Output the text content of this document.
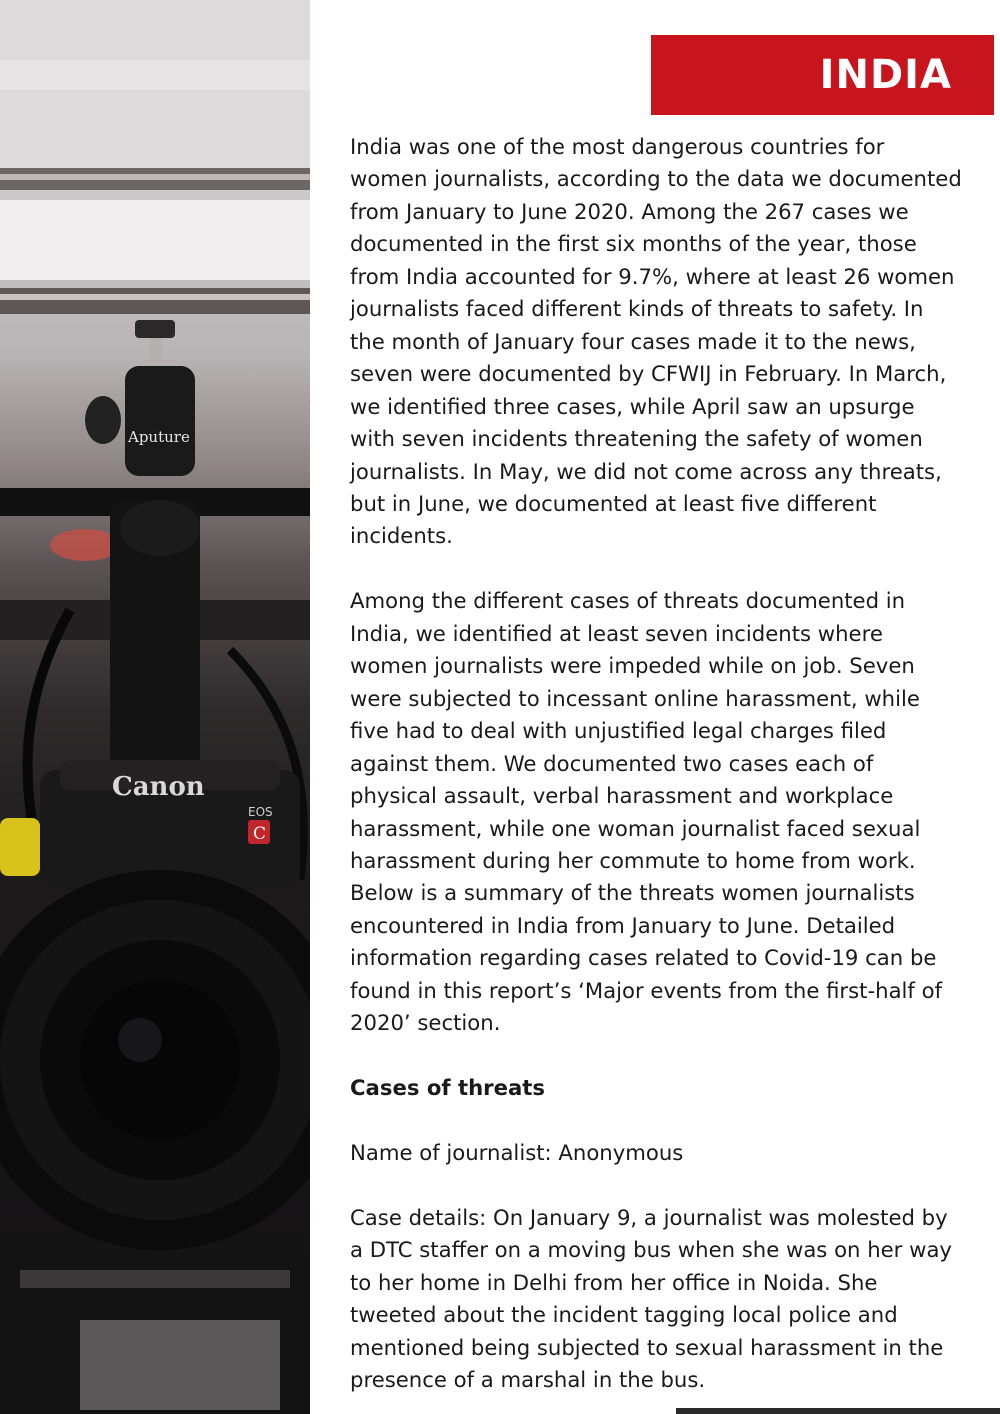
Aputure
Canon
EOS
C
INDIA

India was one of the most dangerous countries for women journalists, according to the data we documented from January to June 2020. Among the 267 cases we documented in the first six months of the year, those from India accounted for 9.7%, where at least 26 women journalists faced different kinds of threats to safety. In the month of January four cases made it to the news, seven were documented by CFWIJ in February. In March, we identified three cases, while April saw an upsurge with seven incidents threatening the safety of women journalists. In May, we did not come across any threats, but in June, we documented at least five different incidents.

Among the different cases of threats documented in India, we identified at least seven incidents where women journalists were impeded while on job. Seven were subjected to incessant online harassment, while five had to deal with unjustified legal charges filed against them. We documented two cases each of physical assault, verbal harassment and workplace harassment, while one woman journalist faced sexual harassment during her commute to home from work. Below is a summary of the threats women journalists encountered in India from January to June. Detailed information regarding cases related to Covid-19 can be found in this report’s ‘Major events from the first-half of 2020’ section.

Cases of threats

Name of journalist: Anonymous

Case details: On January 9, a journalist was molested by a DTC staffer on a moving bus when she was on her way to her home in Delhi from her office in Noida. She tweeted about the incident tagging local police and mentioned being subjected to sexual harassment in the presence of a marshal in the bus.
